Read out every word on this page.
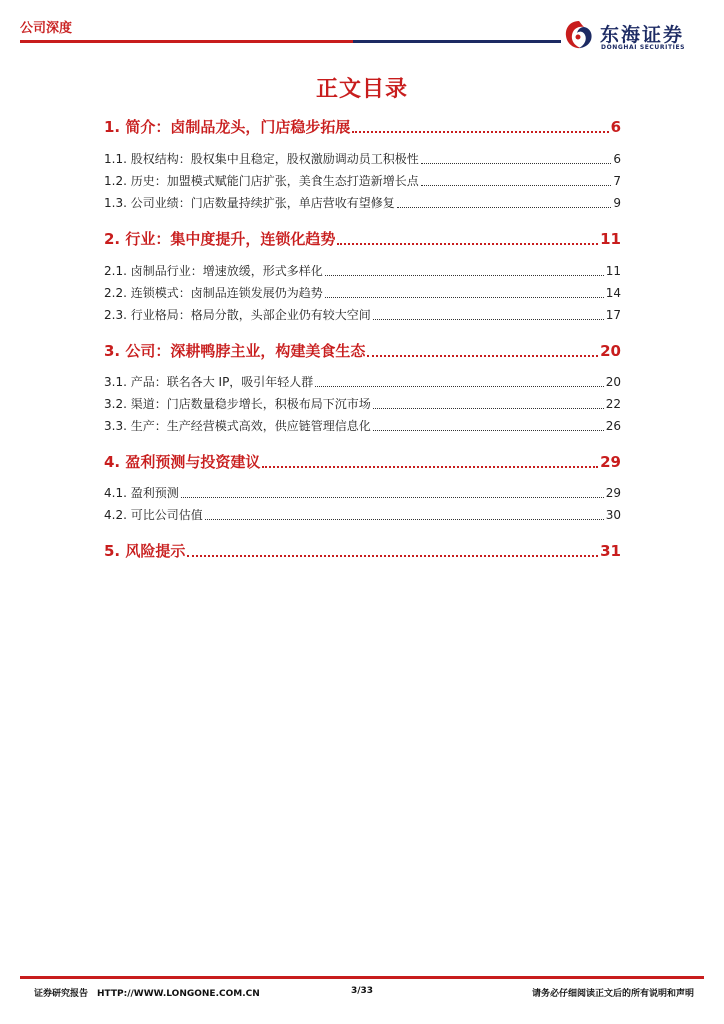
公司深度	东海证券
DONGHAI SECURITIES
正文目录
1. 简介：卤制品龙头，门店稳步拓展	6
1.1. 股权结构：股权集中且稳定，股权激励调动员工积极性	6
1.2. 历史：加盟模式赋能门店扩张，美食生态打造新增长点	7
1.3. 公司业绩：门店数量持续扩张，单店营收有望修复	9
2. 行业：集中度提升，连锁化趋势	11
2.1. 卤制品行业：增速放缓，形式多样化	11
2.2. 连锁模式：卤制品连锁发展仍为趋势	14
2.3. 行业格局：格局分散，头部企业仍有较大空间	17
3. 公司：深耕鸭脖主业，构建美食生态	20
3.1. 产品：联名各大 IP，吸引年轻人群	20
3.2. 渠道：门店数量稳步增长，积极布局下沉市场	22
3.3. 生产：生产经营模式高效，供应链管理信息化	26
4. 盈利预测与投资建议	29
4.1. 盈利预测	29
4.2. 可比公司估值	30
5. 风险提示	31
证券研究报告　HTTP://WWW.LONGONE.COM.CN	3/33	请务必仔细阅读正文后的所有说明和声明
